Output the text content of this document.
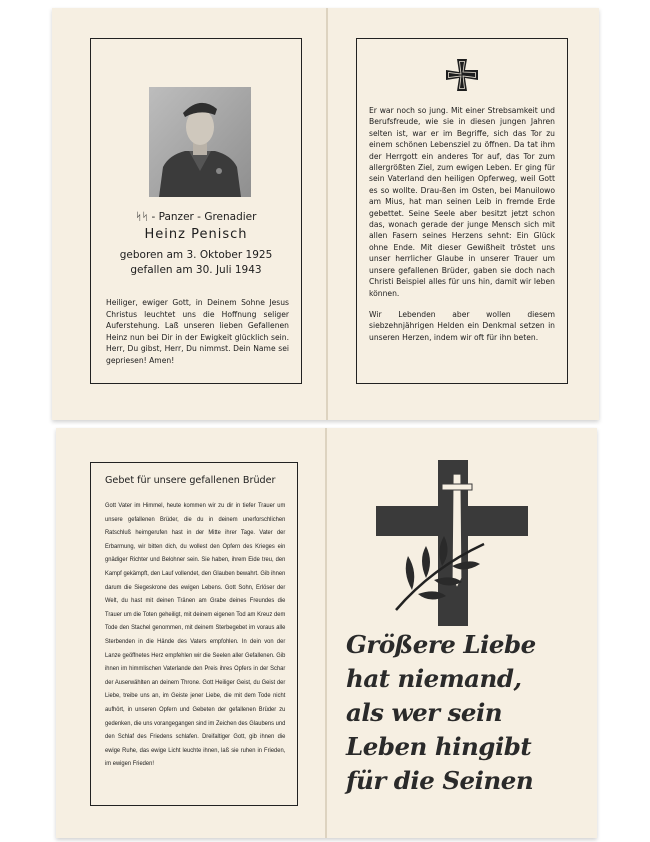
ᛋᛋ - Panzer - Grenadier
Heinz Penisch
geboren am 3. Oktober 1925
gefallen am 30. Juli 1943
Heiliger, ewiger Gott, in Deinem Sohne Jesus Christus leuchtet uns die Hoffnung seliger Auferstehung. Laß unseren lieben Gefallenen Heinz nun bei Dir in der Ewigkeit glücklich sein. Herr, Du gibst, Herr, Du nimmst. Dein Name sei gepriesen! Amen!
Er war noch so jung. Mit einer Strebsamkeit und Berufsfreude, wie sie in diesen jungen Jahren selten ist, war er im Begriffe, sich das Tor zu einem schönen Lebensziel zu öffnen. Da tat ihm der Herrgott ein anderes Tor auf, das Tor zum allergrößten Ziel, zum ewigen Leben. Er ging für sein Vaterland den heiligen Opferweg, weil Gott es so wollte. Drau-ßen im Osten, bei Manuilowo am Mius, hat man seinen Leib in fremde Erde gebettet. Seine Seele aber besitzt jetzt schon das, wonach gerade der junge Mensch sich mit allen Fasern seines Herzens sehnt: Ein Glück ohne Ende. Mit dieser Gewißheit tröstet uns unser herrlicher Glaube in unserer Trauer um unsere gefallenen Brüder, gaben sie doch nach Christi Beispiel alles für uns hin, damit wir leben können.
Wir Lebenden aber wollen diesem siebzehnjährigen Helden ein Denkmal setzen in unseren Herzen, indem wir oft für ihn beten.
Gebet für unsere gefallenen Brüder
Gott Vater im Himmel, heute kommen wir zu dir in tiefer Trauer um unsere gefallenen Brüder, die du in deinem unerforschlichen Ratschluß heimgerufen hast in der Mitte ihrer Tage. Vater der Erbarmung, wir bitten dich, du wollest den Opfern des Krieges ein gnädiger Richter und Belohner sein. Sie haben, ihrem Eide treu, den Kampf gekämpft, den Lauf vollendet, den Glauben bewahrt. Gib ihnen darum die Siegeskrone des ewigen Lebens. Gott Sohn, Erlöser der Welt, du hast mit deinen Tränen am Grabe deines Freundes die Trauer um die Toten geheiligt, mit deinem eigenen Tod am Kreuz dem Tode den Stachel genommen, mit deinem Sterbegebet im voraus alle Sterbenden in die Hände des Vaters empfohlen. In dein von der Lanze geöffnetes Herz empfehlen wir die Seelen aller Gefallenen. Gib ihnen im himmlischen Vaterlande den Preis ihres Opfers in der Schar der Auserwählten an deinem Throne. Gott Heiliger Geist, du Geist der Liebe, treibe uns an, im Geiste jener Liebe, die mit dem Tode nicht aufhört, in unseren Opfern und Gebeten der gefallenen Brüder zu gedenken, die uns vorangegangen sind im Zeichen des Glaubens und den Schlaf des Friedens schlafen. Dreifaltiger Gott, gib ihnen die ewige Ruhe, das ewige Licht leuchte ihnen, laß sie ruhen in Frieden, im ewigen Frieden!
Größere Liebe
hat niemand,
als wer sein
Leben hingibt
für die Seinen
